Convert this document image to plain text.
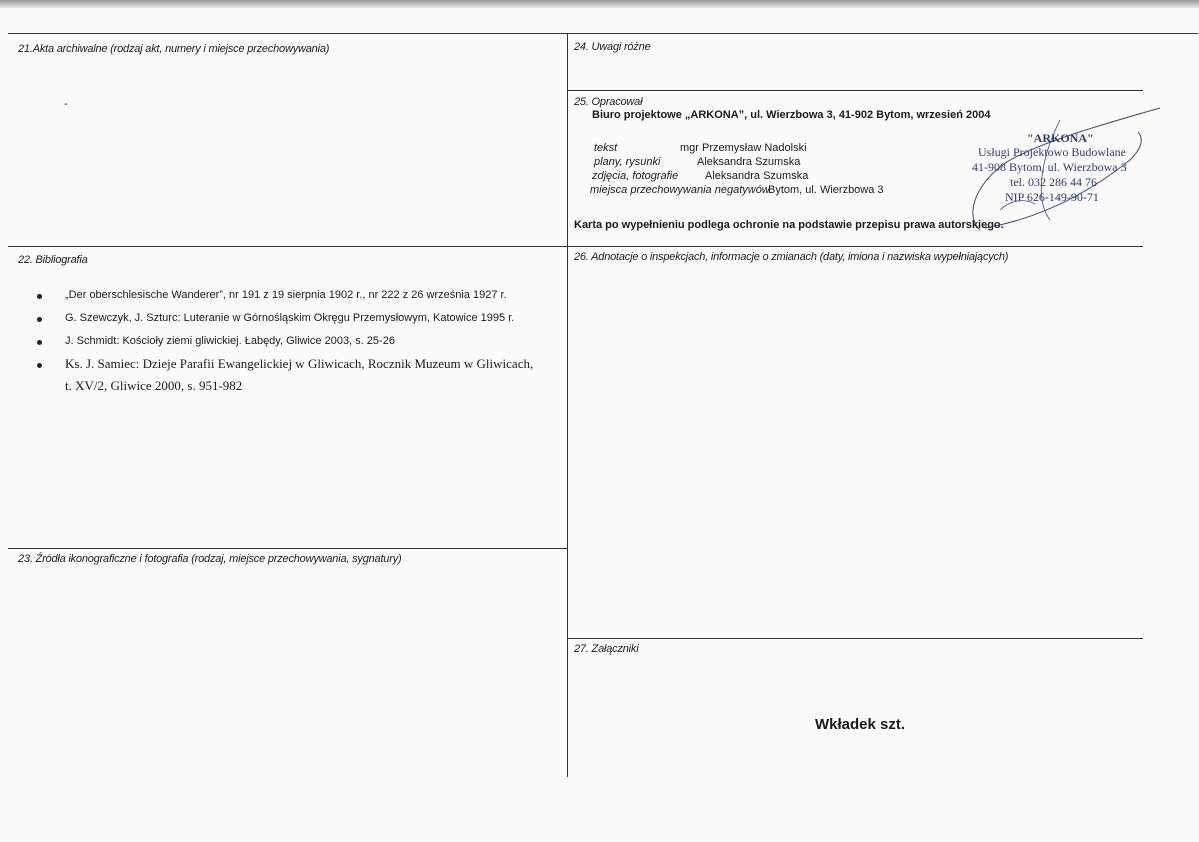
21.Akta archiwalne (rodzaj akt, numery i miejsce przechowywania)
-
22. Bibliografia
„Der oberschlesische Wanderer”, nr 191 z 19 sierpnia 1902 r., nr 222 z 26 września 1927 r.
G. Szewczyk, J. Szturc: Luteranie w Górnośląskim Okręgu Przemysłowym, Katowice 1995 r.
J. Schmidt: Kościoły ziemi gliwickiej. Łabędy, Gliwice 2003, s. 25-26
Ks. J. Samiec: Dzieje Parafii Ewangelickiej w Gliwicach, Rocznik Muzeum w Gliwicach,
t. XV/2, Gliwice 2000, s. 951-982
23. Źródła ikonograficzne i fotografia (rodzaj, miejsce przechowywania, sygnatury)
24. Uwagi różne
25. Opracował
Biuro projektowe „ARKONA”, ul. Wierzbowa 3, 41-902 Bytom, wrzesień 2004
tekst	mgr Przemysław Nadolski
plany, rysunki	Aleksandra Szumska
zdjęcia, fotografie Aleksandra Szumska
miejsca przechowywania negatywów
Bytom, ul. Wierzbowa 3
Karta po wypełnieniu podlega ochronie na podstawie przepisu prawa autorskiego.
"ARKONA"
Usługi Projektowo Budowlane
41-908 Bytom, ul. Wierzbowa 3
tel. 032 286 44 76
NIP 626-149-90-71
26. Adnotacje o inspekcjach, informacje o zmianach (daty, imiona i nazwiska wypełniających)
27. Załączniki
Wkładek szt.
